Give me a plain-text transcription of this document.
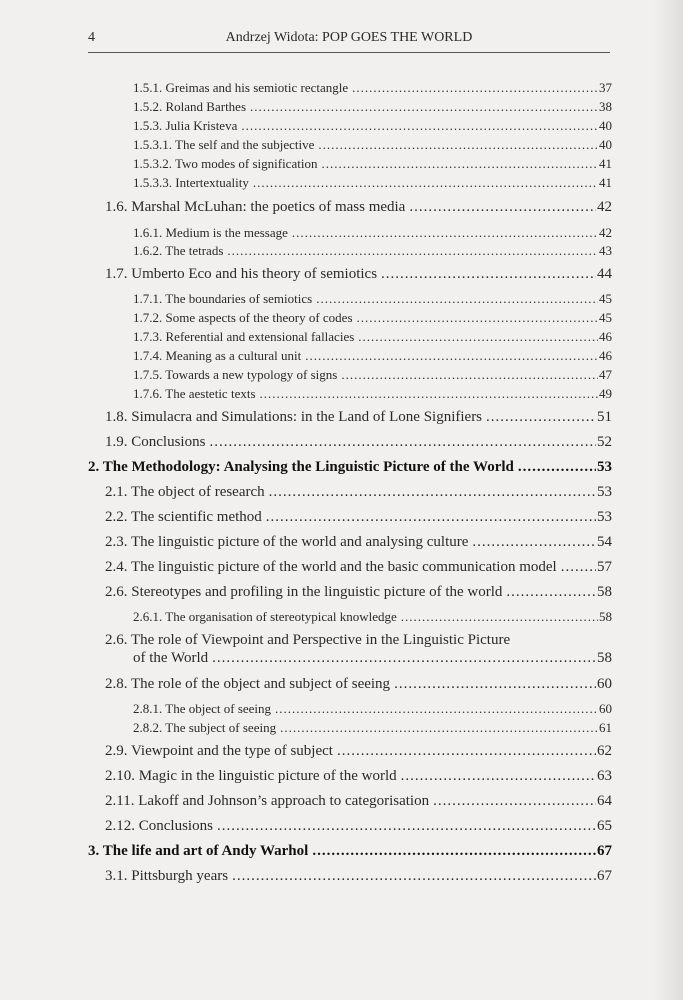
4	Andrzej Widota: POP GOES THE WORLD
1.5.1. Greimas and his semiotic rectangle .....	37
1.5.2. Roland Barthes .....	38
1.5.3. Julia Kristeva .....	40
1.5.3.1. The self and the subjective .....	40
1.5.3.2. Two modes of signification .....	41
1.5.3.3. Intertextuality .....	41
1.6. Marshal McLuhan: the poetics of mass media .....	42
1.6.1. Medium is the message .....	42
1.6.2. The tetrads .....	43
1.7. Umberto Eco and his theory of semiotics .....	44
1.7.1. The boundaries of semiotics .....	45
1.7.2. Some aspects of the theory of codes .....	45
1.7.3. Referential and extensional fallacies .....	46
1.7.4. Meaning as a cultural unit .....	46
1.7.5. Towards a new typology of signs .....	47
1.7.6. The aestetic texts .....	49
1.8. Simulacra and Simulations: in the Land of Lone Signifiers .....	51
1.9. Conclusions .....	52
2. The Methodology: Analysing the Linguistic Picture of the World .....	53
2.1. The object of research .....	53
2.2. The scientific method .....	53
2.3. The linguistic picture of the world and analysing culture .....	54
2.4. The linguistic picture of the world and the basic communication model .....	57
2.6. Stereotypes and profiling in the linguistic picture of the world .....	58
2.6.1. The organisation of stereotypical knowledge .....	58
2.6. The role of Viewpoint and Perspective in the Linguistic Picture
of the World .....	58
2.8. The role of the object and subject of seeing .....	60
2.8.1. The object of seeing .....	60
2.8.2. The subject of seeing .....	61
2.9. Viewpoint and the type of subject .....	62
2.10. Magic in the linguistic picture of the world .....	63
2.11. Lakoff and Johnson’s approach to categorisation .....	64
2.12. Conclusions .....	65
3. The life and art of Andy Warhol .....	67
3.1. Pittsburgh years .....	67
